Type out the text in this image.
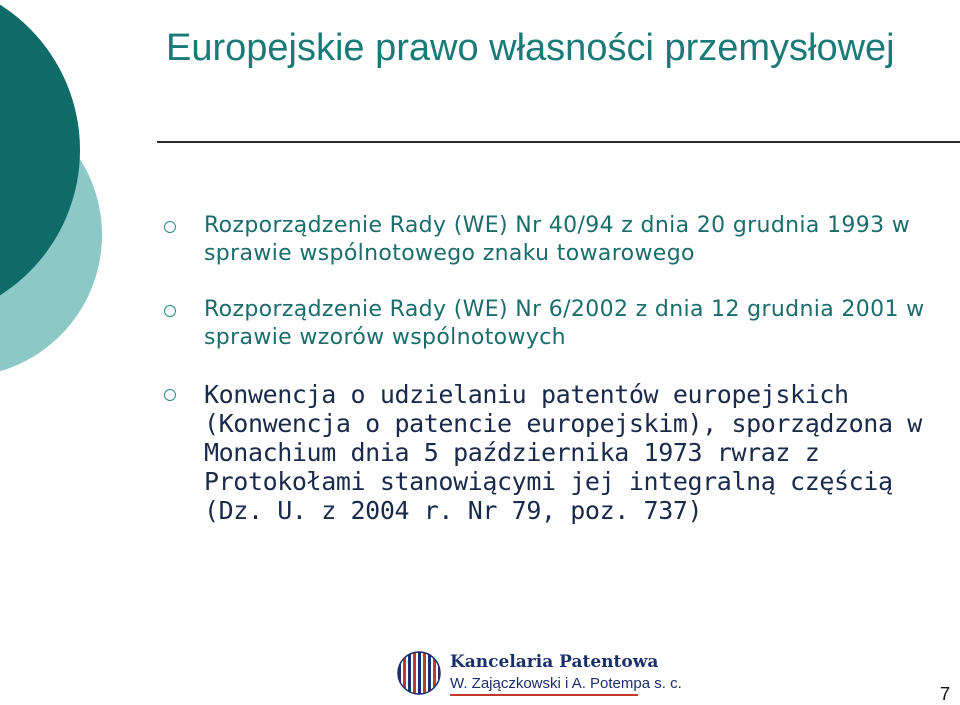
Europejskie prawo własności przemysłowej
Rozporządzenie Rady (WE) Nr 40/94 z dnia 20 grudnia 1993 w sprawie wspólnotowego znaku towarowego
Rozporządzenie Rady (WE) Nr 6/2002 z dnia 12 grudnia 2001 w sprawie wzorów wspólnotowych
Konwencja o udzielaniu patentów europejskich (Konwencja o patencie europejskim), sporządzona w Monachium dnia 5 października 1973 rwraz z Protokołami stanowiącymi jej integralną częścią (Dz. U. z 2004 r. Nr 79, poz. 737)
Kancelaria Patentowa
W. Zajączkowski i A. Potempa s. c.
7
